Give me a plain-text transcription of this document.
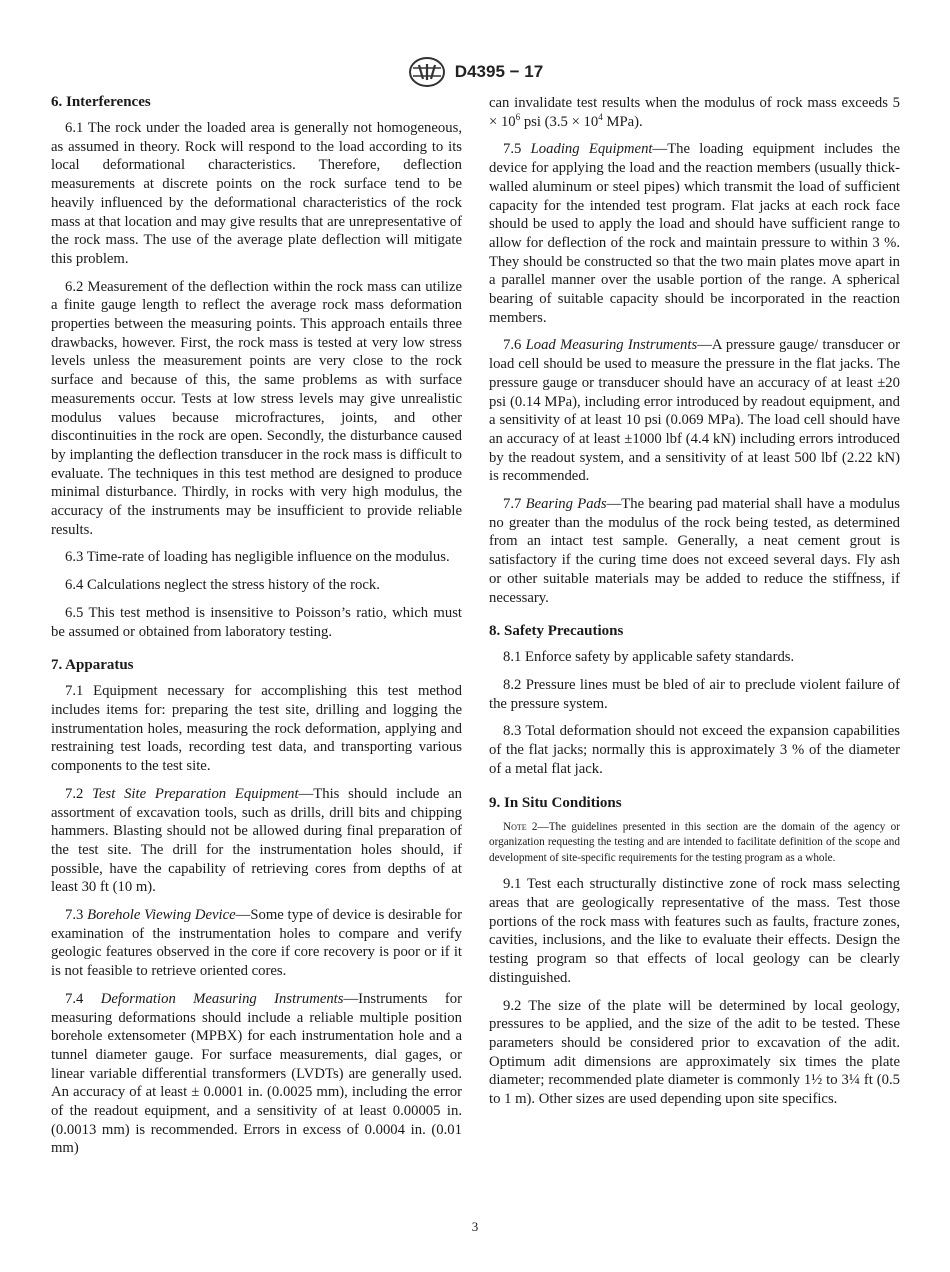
D4395 − 17
6. Interferences

6.1 The rock under the loaded area is generally not homogeneous, as assumed in theory. Rock will respond to the load according to its local deformational characteristics. Therefore, deflection measurements at discrete points on the rock surface tend to be heavily influenced by the deformational characteristics of the rock mass at that location and may give results that are unrepresentative of the rock mass. The use of the average plate deflection will mitigate this problem.

6.2 Measurement of the deflection within the rock mass can utilize a finite gauge length to reflect the average rock mass deformation properties between the measuring points. This approach entails three drawbacks, however. First, the rock mass is tested at very low stress levels unless the measurement points are very close to the rock surface and because of this, the same problems as with surface measurements occur. Tests at low stress levels may give unrealistic modulus values because microfractures, joints, and other discontinuities in the rock are open. Secondly, the disturbance caused by implanting the deflection transducer in the rock mass is difficult to evaluate. The techniques in this test method are designed to produce minimal disturbance. Thirdly, in rocks with very high modulus, the accuracy of the instruments may be insufficient to provide reliable results.

6.3 Time-rate of loading has negligible influence on the modulus.

6.4 Calculations neglect the stress history of the rock.

6.5 This test method is insensitive to Poisson’s ratio, which must be assumed or obtained from laboratory testing.

7. Apparatus

7.1 Equipment necessary for accomplishing this test method includes items for: preparing the test site, drilling and logging the instrumentation holes, measuring the rock deformation, applying and restraining test loads, recording test data, and transporting various components to the test site.

7.2 Test Site Preparation Equipment—This should include an assortment of excavation tools, such as drills, drill bits and chipping hammers. Blasting should not be allowed during final preparation of the test site. The drill for the instrumentation holes should, if possible, have the capability of retrieving cores from depths of at least 30 ft (10 m).

7.3 Borehole Viewing Device—Some type of device is desirable for examination of the instrumentation holes to compare and verify geologic features observed in the core if core recovery is poor or if it is not feasible to retrieve oriented cores.

7.4 Deformation Measuring Instruments—Instruments for measuring deformations should include a reliable multiple position borehole extensometer (MPBX) for each instrumentation hole and a tunnel diameter gauge. For surface measurements, dial gages, or linear variable differential transformers (LVDTs) are generally used. An accuracy of at least ± 0.0001 in. (0.0025 mm), including the error of the readout equipment, and a sensitivity of at least 0.00005 in. (0.0013 mm) is recommended. Errors in excess of 0.0004 in. (0.01 mm)

can invalidate test results when the modulus of rock mass exceeds $5 \times 10^6$ psi ($3.5 \times 10^4$ MPa).

7.5 Loading Equipment—The loading equipment includes the device for applying the load and the reaction members (usually thick-walled aluminum or steel pipes) which transmit the load of sufficient capacity for the intended test program. Flat jacks at each rock face should be used to apply the load and should have sufficient range to allow for deflection of the rock and maintain pressure to within 3 %. They should be constructed so that the two main plates move apart in a parallel manner over the usable portion of the range. A spherical bearing of suitable capacity should be incorporated in the reaction members.

7.6 Load Measuring Instruments—A pressure gauge/ transducer or load cell should be used to measure the pressure in the flat jacks. The pressure gauge or transducer should have an accuracy of at least ±20 psi (0.14 MPa), including error introduced by readout equipment, and a sensitivity of at least 10 psi (0.069 MPa). The load cell should have an accuracy of at least ±1000 lbf (4.4 kN) including errors introduced by the readout system, and a sensitivity of at least 500 lbf (2.22 kN) is recommended.

7.7 Bearing Pads—The bearing pad material shall have a modulus no greater than the modulus of the rock being tested, as determined from an intact test sample. Generally, a neat cement grout is satisfactory if the curing time does not exceed several days. Fly ash or other suitable materials may be added to reduce the stiffness, if necessary.

8. Safety Precautions

8.1 Enforce safety by applicable safety standards.

8.2 Pressure lines must be bled of air to preclude violent failure of the pressure system.

8.3 Total deformation should not exceed the expansion capabilities of the flat jacks; normally this is approximately 3 % of the diameter of a metal flat jack.

9. In Situ Conditions

Note 2—The guidelines presented in this section are the domain of the agency or organization requesting the testing and are intended to facilitate definition of the scope and development of site-specific requirements for the testing program as a whole.

9.1 Test each structurally distinctive zone of rock mass selecting areas that are geologically representative of the mass. Test those portions of the rock mass with features such as faults, fracture zones, cavities, inclusions, and the like to evaluate their effects. Design the testing program so that effects of local geology can be clearly distinguished.

9.2 The size of the plate will be determined by local geology, pressures to be applied, and the size of the adit to be tested. These parameters should be considered prior to excavation of the adit. Optimum adit dimensions are approximately six times the plate diameter; recommended plate diameter is commonly 1½ to 3¼ ft (0.5 to 1 m). Other sizes are used depending upon site specifics.

3
